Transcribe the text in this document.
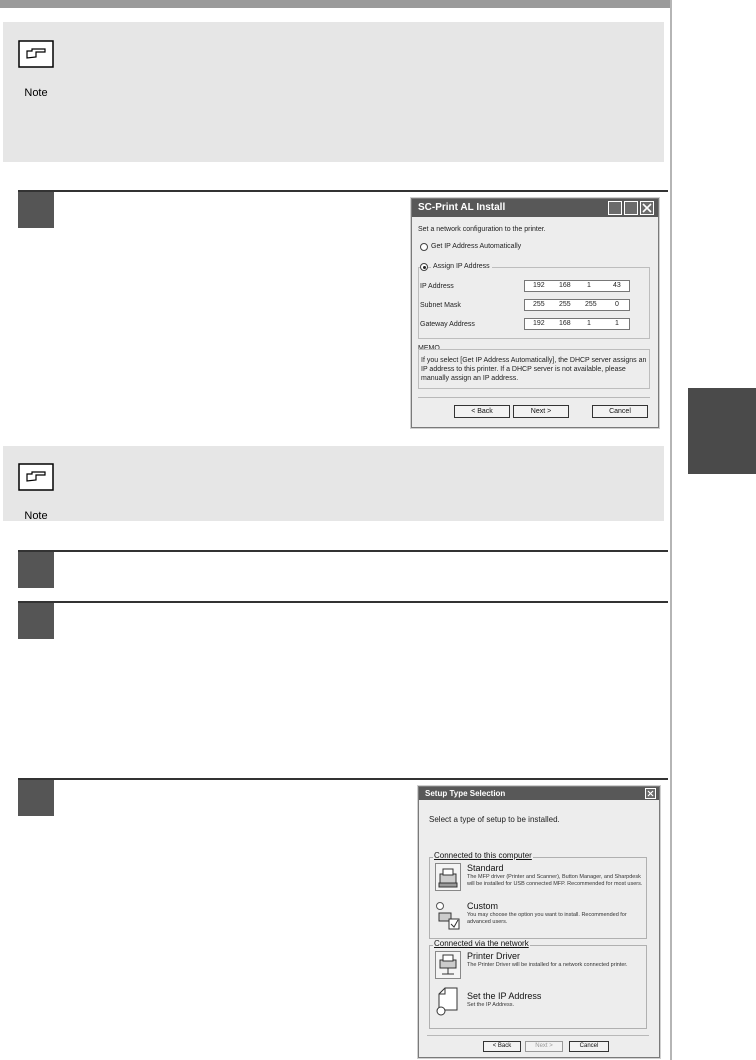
Note
SC-Print AL Install
Set a network configuration to the printer.
Get IP Address Automatically
Assign IP Address
IP Address	192 168 1	43
Subnet Mask	255 255 255	0
Gateway Address	192 168 1	1
MEMO
If you select [Get IP Address Automatically], the DHCP server assigns an IP address to this printer. If a DHCP server is not available, please manually assign an IP address.
< Back	Next >	Cancel
Note
Setup Type Selection
Select a type of setup to be installed.
Connected to this computer
Standard
The MFP driver (Printer and Scanner), Button Manager, and Sharpdesk will be installed for USB connected MFP. Recommended for most users.
Custom
You may choose the option you want to install. Recommended for advanced users.
Connected via the network
Printer Driver
The Printer Driver will be installed for a network connected printer.
Set the IP Address
Set the IP Address.
< Back	Next >	Cancel
